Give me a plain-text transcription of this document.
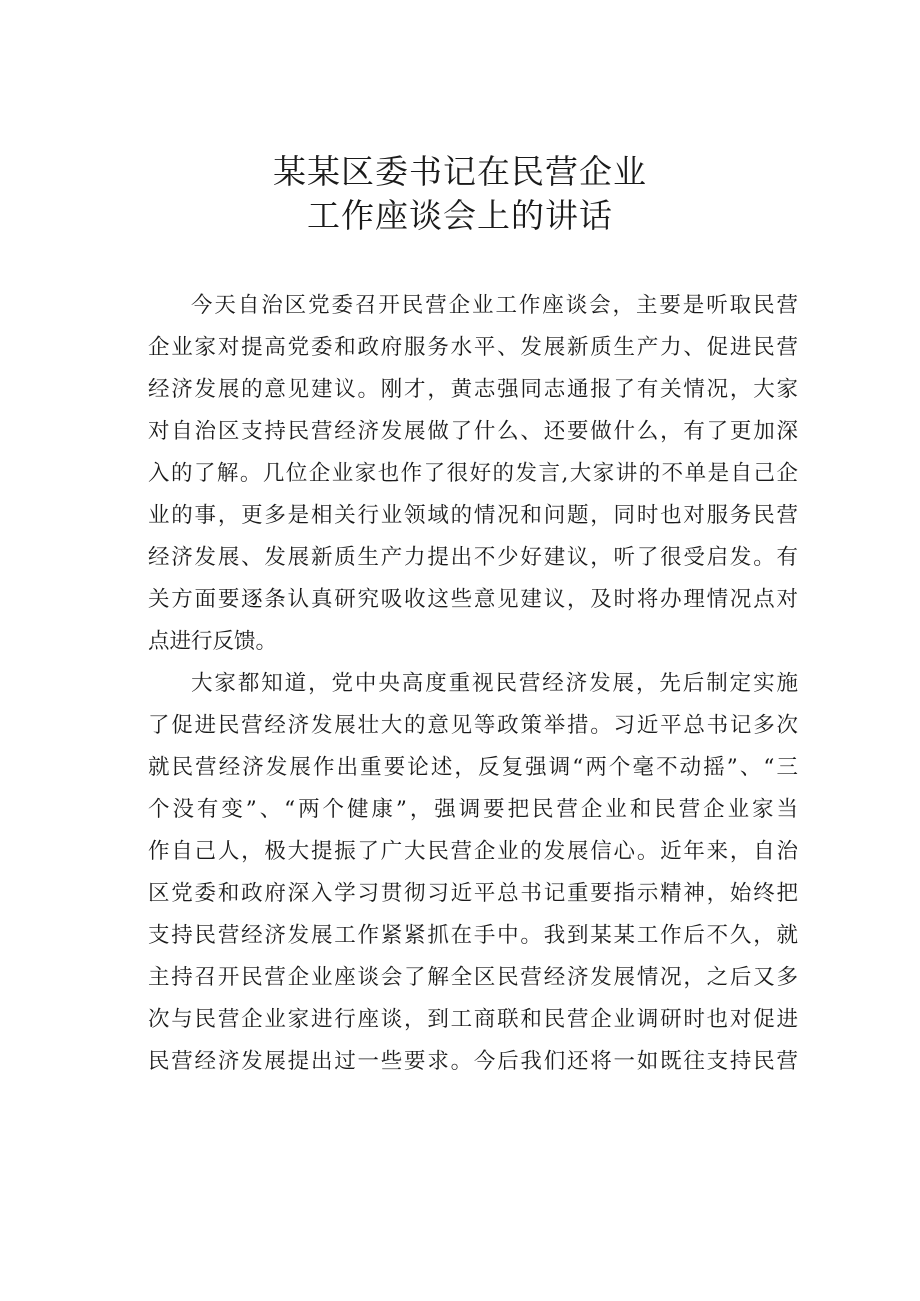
某某区委书记在民营企业
工作座谈会上的讲话
今天自治区党委召开民营企业工作座谈会，主要是听取民营
企业家对提高党委和政府服务水平、发展新质生产力、促进民营
经济发展的意见建议。刚才，黄志强同志通报了有关情况，大家
对自治区支持民营经济发展做了什么、还要做什么，有了更加深
入的了解。几位企业家也作了很好的发言,大家讲的不单是自己企
业的事，更多是相关行业领域的情况和问题，同时也对服务民营
经济发展、发展新质生产力提出不少好建议，听了很受启发。有
关方面要逐条认真研究吸收这些意见建议，及时将办理情况点对
点进行反馈。
大家都知道，党中央高度重视民营经济发展，先后制定实施
了促进民营经济发展壮大的意见等政策举措。习近平总书记多次
就民营经济发展作出重要论述，反复强调“两个毫不动摇”、“三
个没有变”、“两个健康”，强调要把民营企业和民营企业家当
作自己人，极大提振了广大民营企业的发展信心。近年来，自治
区党委和政府深入学习贯彻习近平总书记重要指示精神，始终把
支持民营经济发展工作紧紧抓在手中。我到某某工作后不久，就
主持召开民营企业座谈会了解全区民营经济发展情况，之后又多
次与民营企业家进行座谈，到工商联和民营企业调研时也对促进
民营经济发展提出过一些要求。今后我们还将一如既往支持民营
